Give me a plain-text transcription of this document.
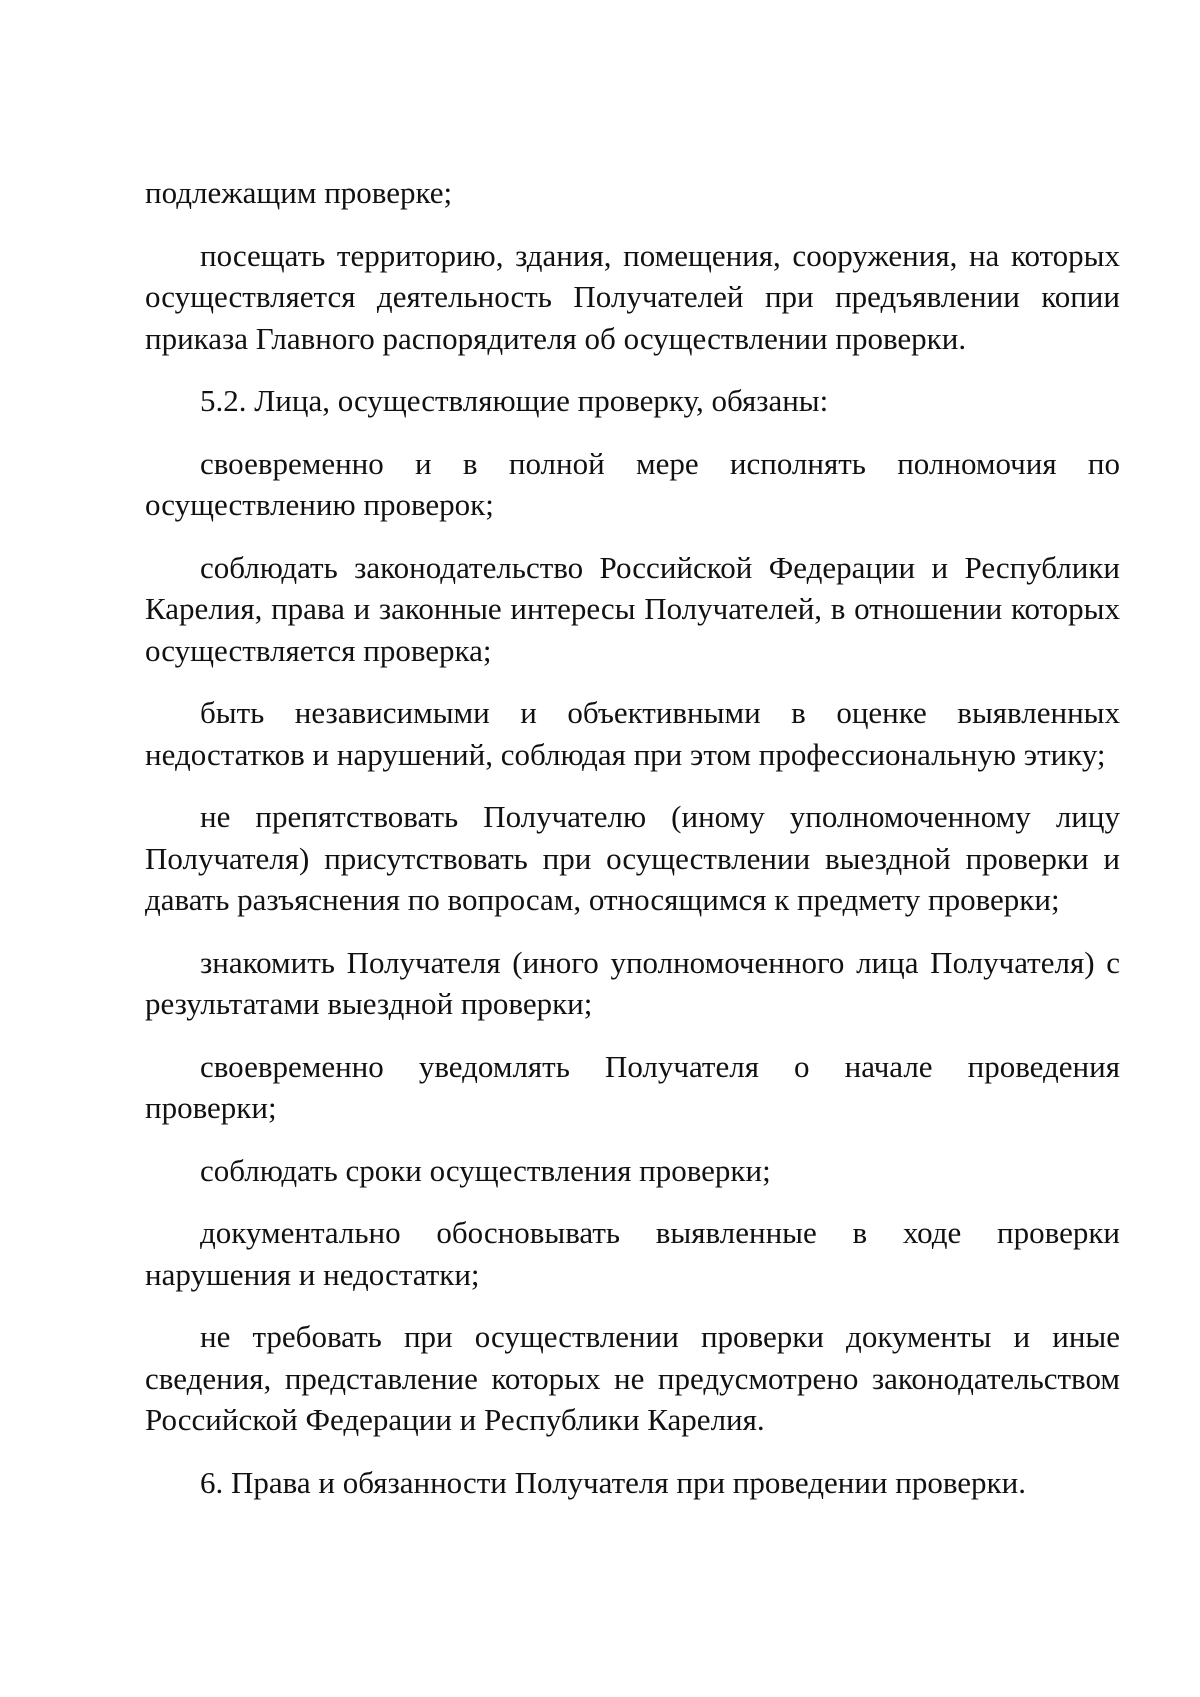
подлежащим проверке;

посещать территорию, здания, помещения, сооружения, на которых осуществляется деятельность Получателей при предъявлении копии приказа Главного распорядителя об осуществлении проверки.

5.2. Лица, осуществляющие проверку, обязаны:

своевременно и в полной мере исполнять полномочия по осуществлению проверок;

соблюдать законодательство Российской Федерации и Республики Карелия, права и законные интересы Получателей, в отношении которых осуществляется проверка;

быть независимыми и объективными в оценке выявленных недостатков и нарушений, соблюдая при этом профессиональную этику;

не препятствовать Получателю (иному уполномоченному лицу Получателя) присутствовать при осуществлении выездной проверки и давать разъяснения по вопросам, относящимся к предмету проверки;

знакомить Получателя (иного уполномоченного лица Получателя) с результатами выездной проверки;

своевременно уведомлять Получателя о начале проведения проверки;

соблюдать сроки осуществления проверки;

документально обосновывать выявленные в ходе проверки нарушения и недостатки;

не требовать при осуществлении проверки документы и иные сведения, представление которых не предусмотрено законодательством Российской Федерации и Республики Карелия.

6. Права и обязанности Получателя при проведении проверки.
